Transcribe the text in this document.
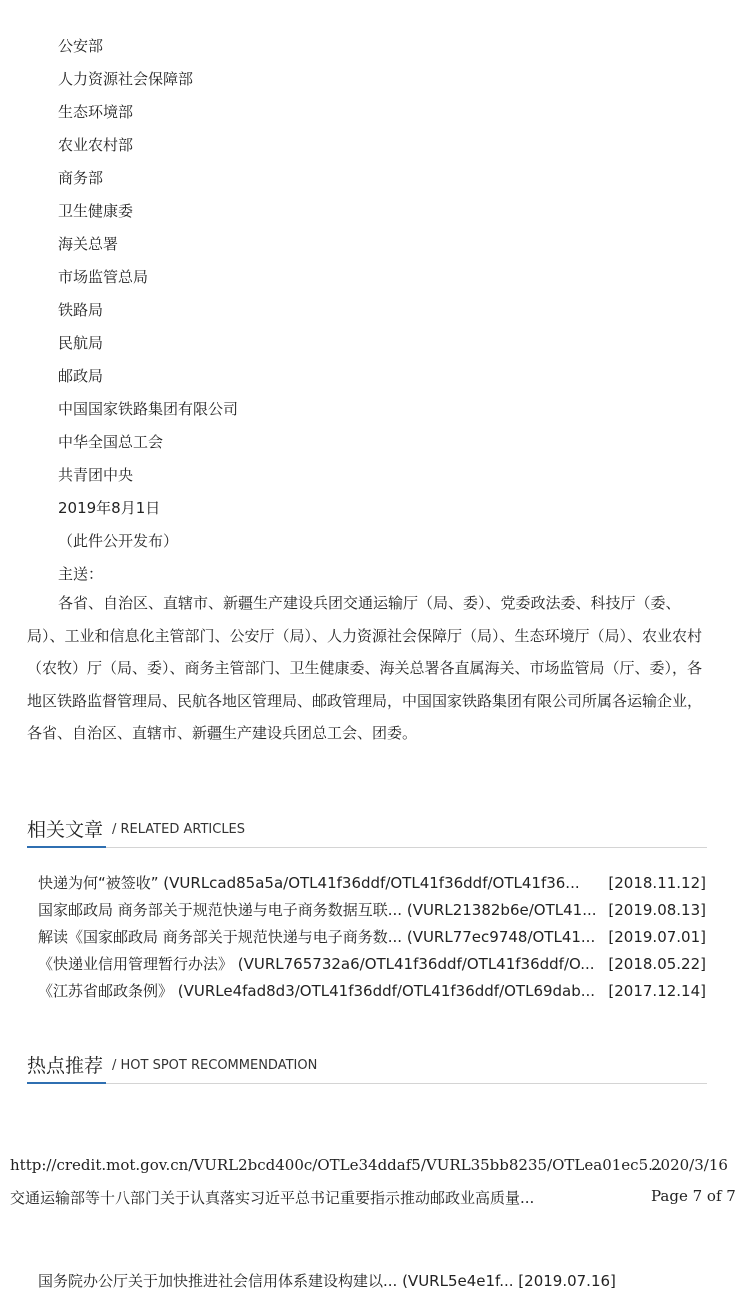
公安部
人力资源社会保障部
生态环境部
农业农村部
商务部
卫生健康委
海关总署
市场监管总局
铁路局
民航局
邮政局
中国国家铁路集团有限公司
中华全国总工会
共青团中央
2019年8月1日
（此件公开发布）
主送：
各省、自治区、直辖市、新疆生产建设兵团交通运输厅（局、委）、党委政法委、科技厅（委、局）、工业和信息化主管部门、公安厅（局）、人力资源社会保障厅（局）、生态环境厅（局）、农业农村（农牧）厅（局、委）、商务主管部门、卫生健康委、海关总署各直属海关、市场监管局（厅、委），各地区铁路监督管理局、民航各地区管理局、邮政管理局，中国国家铁路集团有限公司所属各运输企业，各省、自治区、直辖市、新疆生产建设兵团总工会、团委。
相关文章 / RELATED ARTICLES
快递为何“被签收” (VURLcad85a5a/OTL41f36ddf/OTL41f36ddf/OTL41f36...	[2018.11.12]
国家邮政局 商务部关于规范快递与电子商务数据互联... (VURL21382b6e/OTL41... [2019.08.13]
解读《国家邮政局 商务部关于规范快递与电子商务数... (VURL77ec9748/OTL41... [2019.07.01]
《快递业信用管理暂行办法》 (VURL765732a6/OTL41f36ddf/OTL41f36ddf/O... [2018.05.22]
《江苏省邮政条例》 (VURLe4fad8d3/OTL41f36ddf/OTL41f36ddf/OTL69dab... [2017.12.14]
热点推荐 / HOT SPOT RECOMMENDATION
http://credit.mot.gov.cn/VURL2bcd400c/OTLe34ddaf5/VURL35bb8235/OTLea01ec5...
2020/3/16
交通运输部等十八部门关于认真落实习近平总书记重要指示推动邮政业高质量...	Page 7 of 7
国务院办公厅关于加快推进社会信用体系建设构建以... (VURL5e4e1f... [2019.07.16]
